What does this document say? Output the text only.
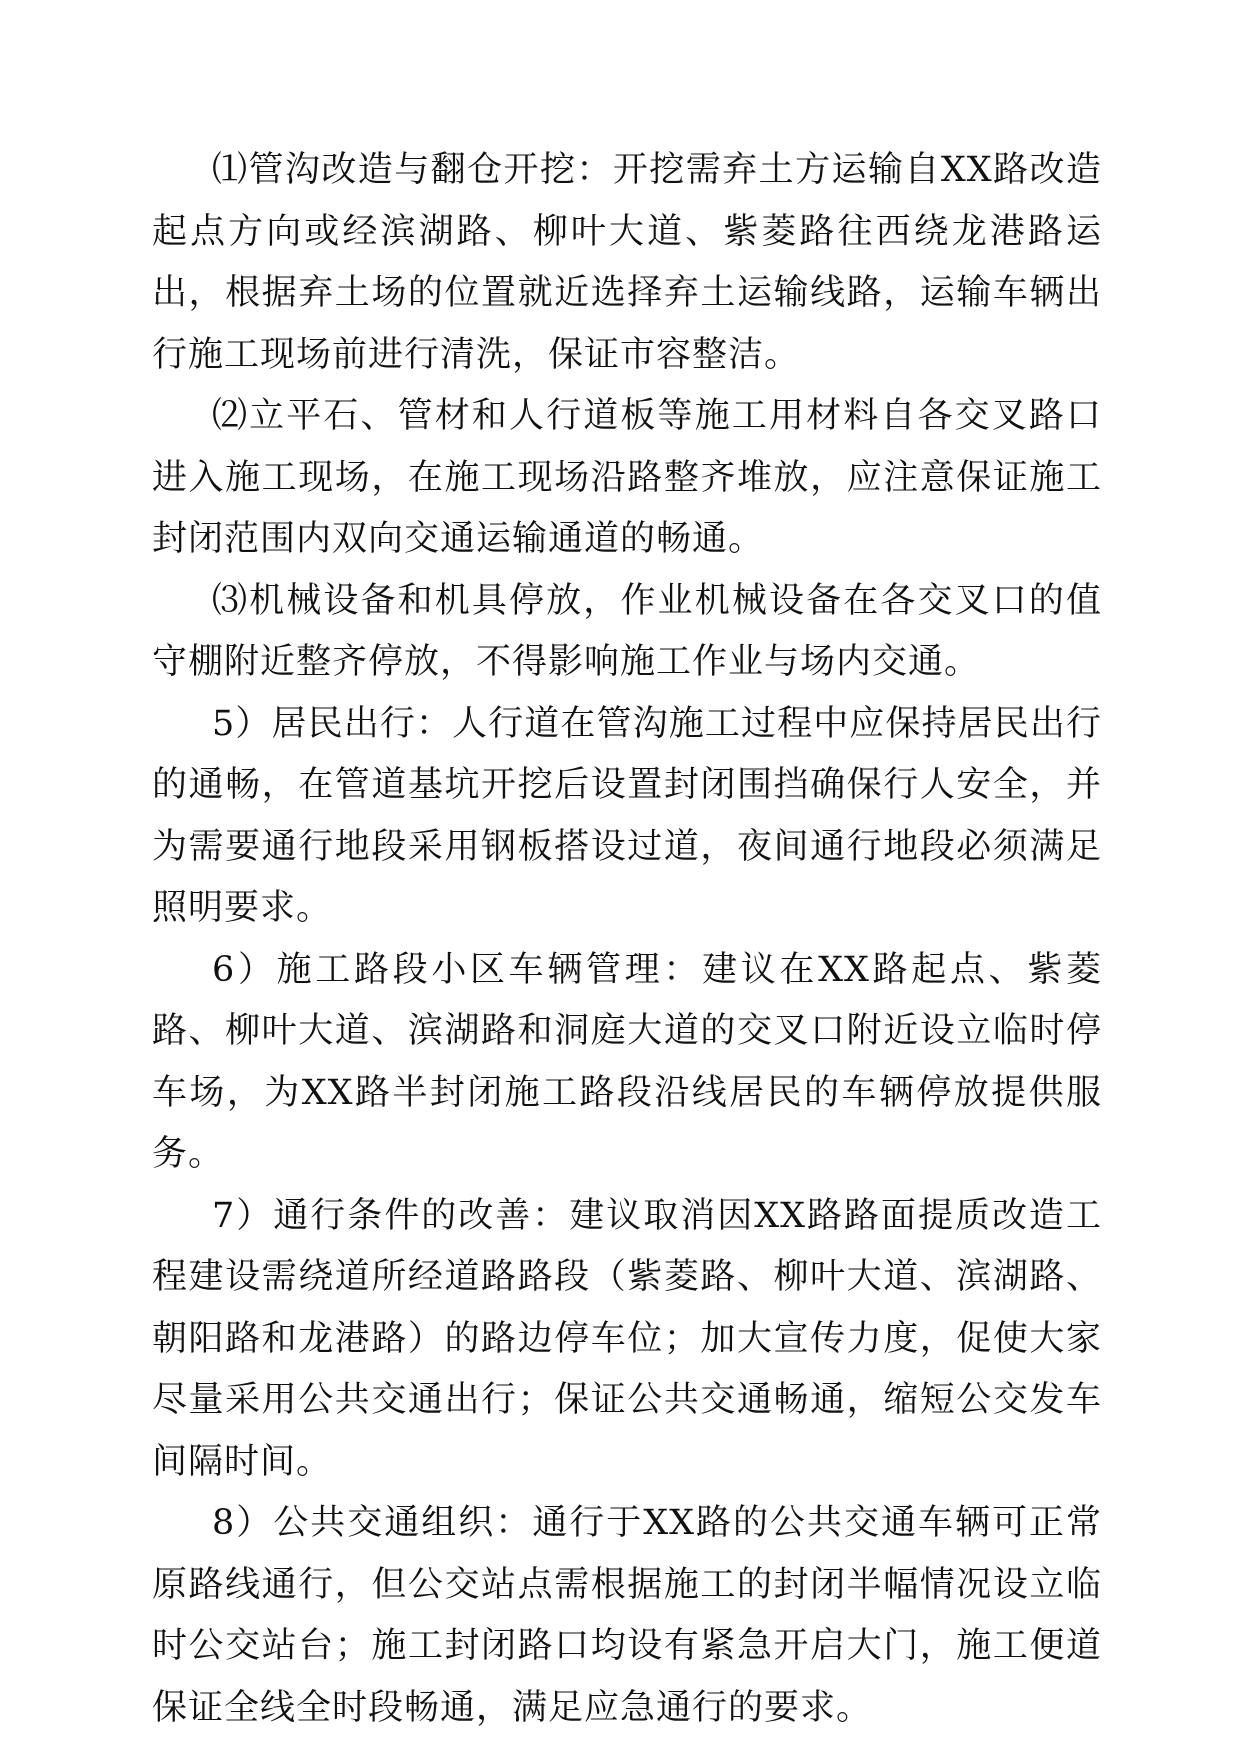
⑴管沟改造与翻仓开挖：开挖需弃土方运输自XX路改造起点方向或经滨湖路、柳叶大道、紫菱路往西绕龙港路运出，根据弃土场的位置就近选择弃土运输线路，运输车辆出行施工现场前进行清洗，保证市容整洁。

⑵立平石、管材和人行道板等施工用材料自各交叉路口进入施工现场，在施工现场沿路整齐堆放，应注意保证施工封闭范围内双向交通运输通道的畅通。

⑶机械设备和机具停放，作业机械设备在各交叉口的值守棚附近整齐停放，不得影响施工作业与场内交通。

5）居民出行：人行道在管沟施工过程中应保持居民出行的通畅，在管道基坑开挖后设置封闭围挡确保行人安全，并为需要通行地段采用钢板搭设过道，夜间通行地段必须满足照明要求。

6）施工路段小区车辆管理：建议在XX路起点、紫菱路、柳叶大道、滨湖路和洞庭大道的交叉口附近设立临时停车场，为XX路半封闭施工路段沿线居民的车辆停放提供服务。

7）通行条件的改善：建议取消因XX路路面提质改造工程建设需绕道所经道路路段（紫菱路、柳叶大道、滨湖路、朝阳路和龙港路）的路边停车位；加大宣传力度，促使大家尽量采用公共交通出行；保证公共交通畅通，缩短公交发车间隔时间。

8）公共交通组织：通行于XX路的公共交通车辆可正常原路线通行，但公交站点需根据施工的封闭半幅情况设立临时公交站台；施工封闭路口均设有紧急开启大门，施工便道保证全线全时段畅通，满足应急通行的要求。
